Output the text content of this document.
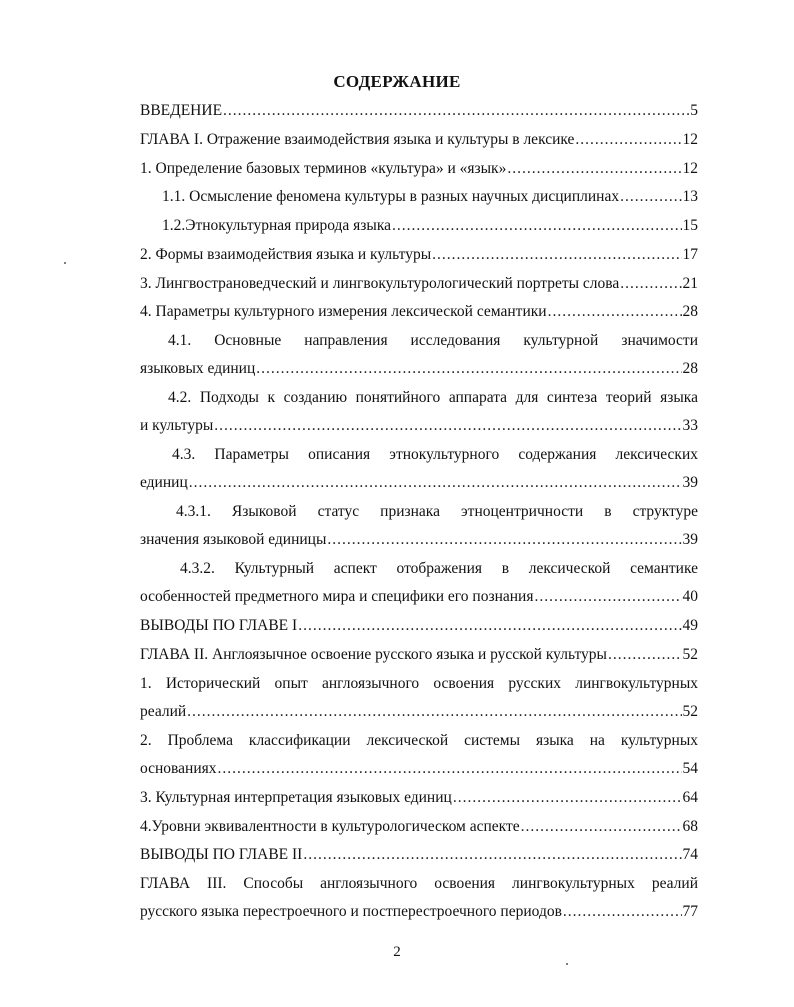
СОДЕРЖАНИЕ
ВВЕДЕНИЕ .....	5
ГЛАВА I. Отражение взаимодействия языка и культуры в лексике .....	12
1. Определение базовых терминов «культура» и «язык» .....	12
1.1. Осмысление феномена культуры в разных научных дисциплинах .....	13
1.2.Этнокультурная природа языка .....	15
2. Формы взаимодействия языка и культуры .....	17
3. Лингвострановедческий и лингвокультурологический портреты слова .....	21
4. Параметры культурного измерения лексической семантики .....	28
4.1. Основные направления исследования культурной значимости
языковых единиц .....	28
4.2. Подходы к созданию понятийного аппарата для синтеза теорий языка
и культуры .....	33
4.3. Параметры описания этнокультурного содержания лексических
единиц .....	39
4.3.1. Языковой статус признака этноцентричности в структуре
значения языковой единицы .....	39
4.3.2. Культурный аспект отображения в лексической семантике
особенностей предметного мира и специфики его познания .....	40
ВЫВОДЫ ПО ГЛАВЕ I .....	49
ГЛАВА II. Англоязычное освоение русского языка и русской культуры .....	52
1. Исторический опыт англоязычного освоения русских лингвокультурных
реалий .....	52
2. Проблема классификации лексической системы языка на культурных
основаниях .....	54
3. Культурная интерпретация языковых единиц .....	64
4.Уровни эквивалентности в культурологическом аспекте .....	68
ВЫВОДЫ ПО ГЛАВЕ II .....	74
ГЛАВА III. Способы англоязычного освоения лингвокультурных реалий
русского языка перестроечного и постперестроечного периодов .....	77
2
